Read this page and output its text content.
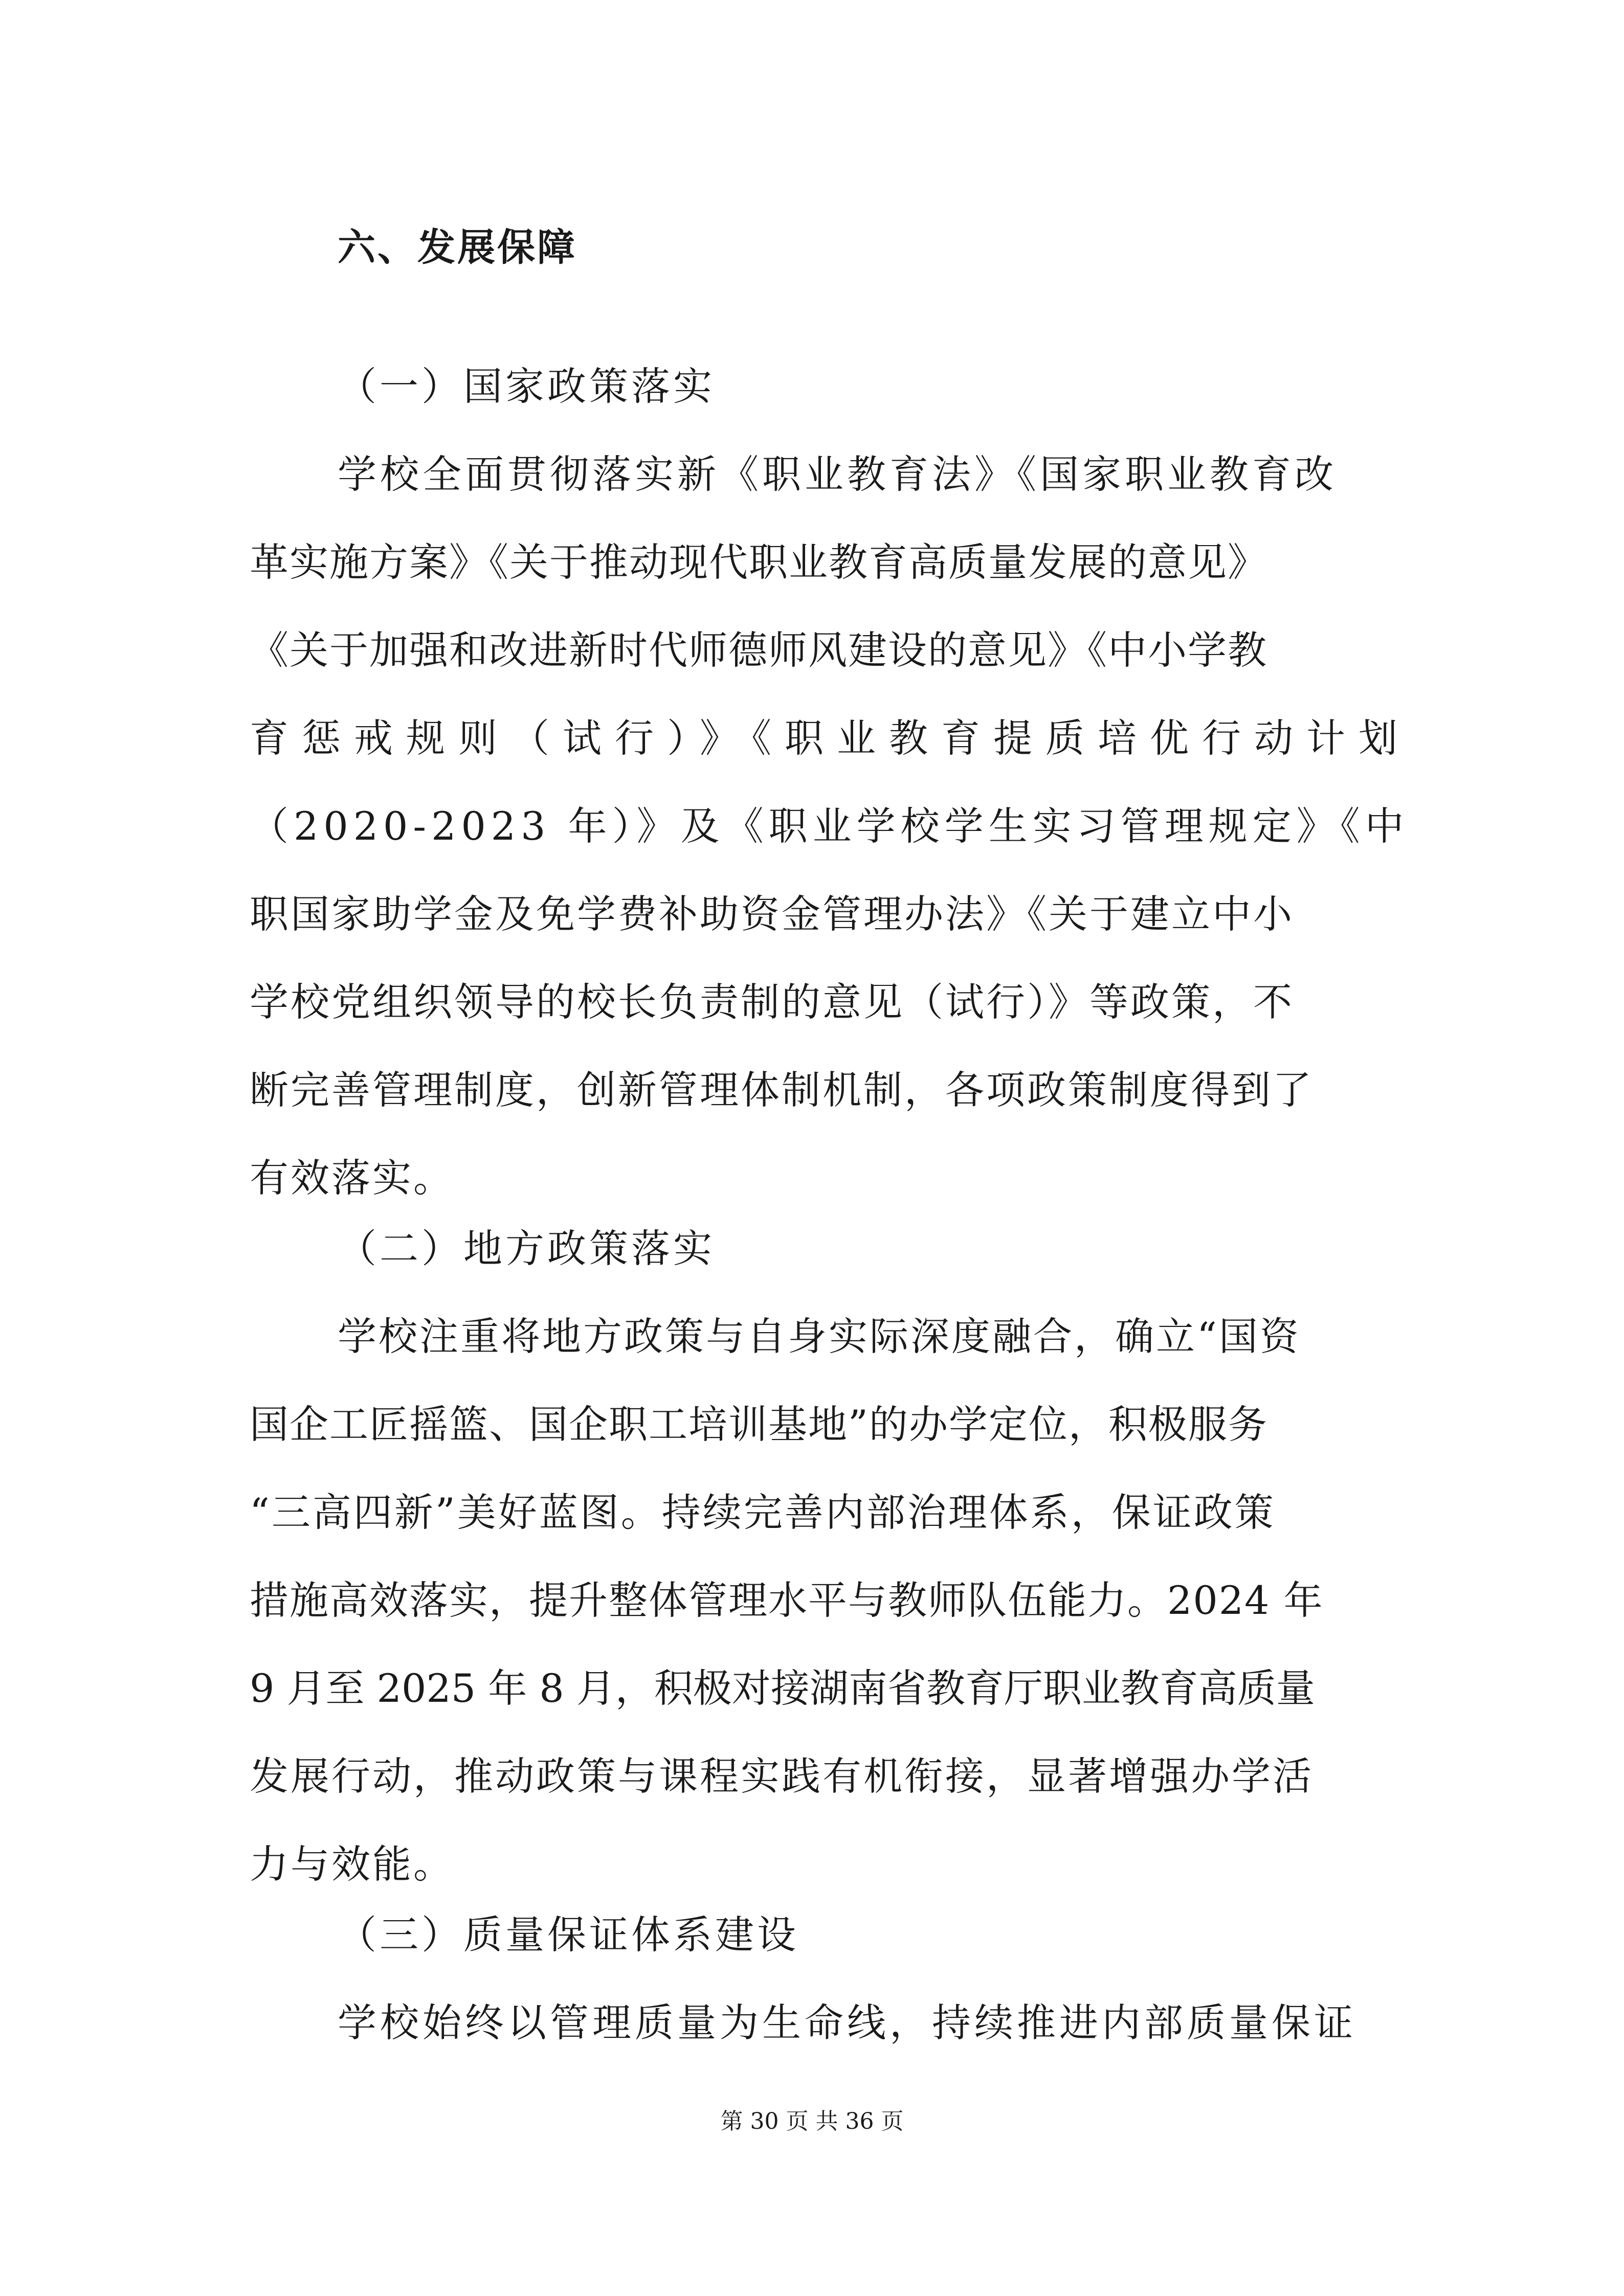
六、发展保障
（一）国家政策落实
学校全面贯彻落实新《职业教育法》《国家职业教育改
革实施方案》《关于推动现代职业教育高质量发展的意见》
《关于加强和改进新时代师德师风建设的意见》《中小学教
育惩戒规则（试行）》《职业教育提质培优行动计划
（2020-2023 年）》及《职业学校学生实习管理规定》《中
职国家助学金及免学费补助资金管理办法》《关于建立中小
学校党组织领导的校长负责制的意见（试行）》等政策，不
断完善管理制度，创新管理体制机制，各项政策制度得到了
有效落实。
（二）地方政策落实
学校注重将地方政策与自身实际深度融合，确立“国资
国企工匠摇篮、国企职工培训基地”的办学定位，积极服务
“三高四新”美好蓝图。持续完善内部治理体系，保证政策
措施高效落实，提升整体管理水平与教师队伍能力。2024 年
9 月至 2025 年 8 月，积极对接湖南省教育厅职业教育高质量
发展行动，推动政策与课程实践有机衔接，显著增强办学活
力与效能。
（三）质量保证体系建设
学校始终以管理质量为生命线，持续推进内部质量保证
第 30 页 共 36 页
